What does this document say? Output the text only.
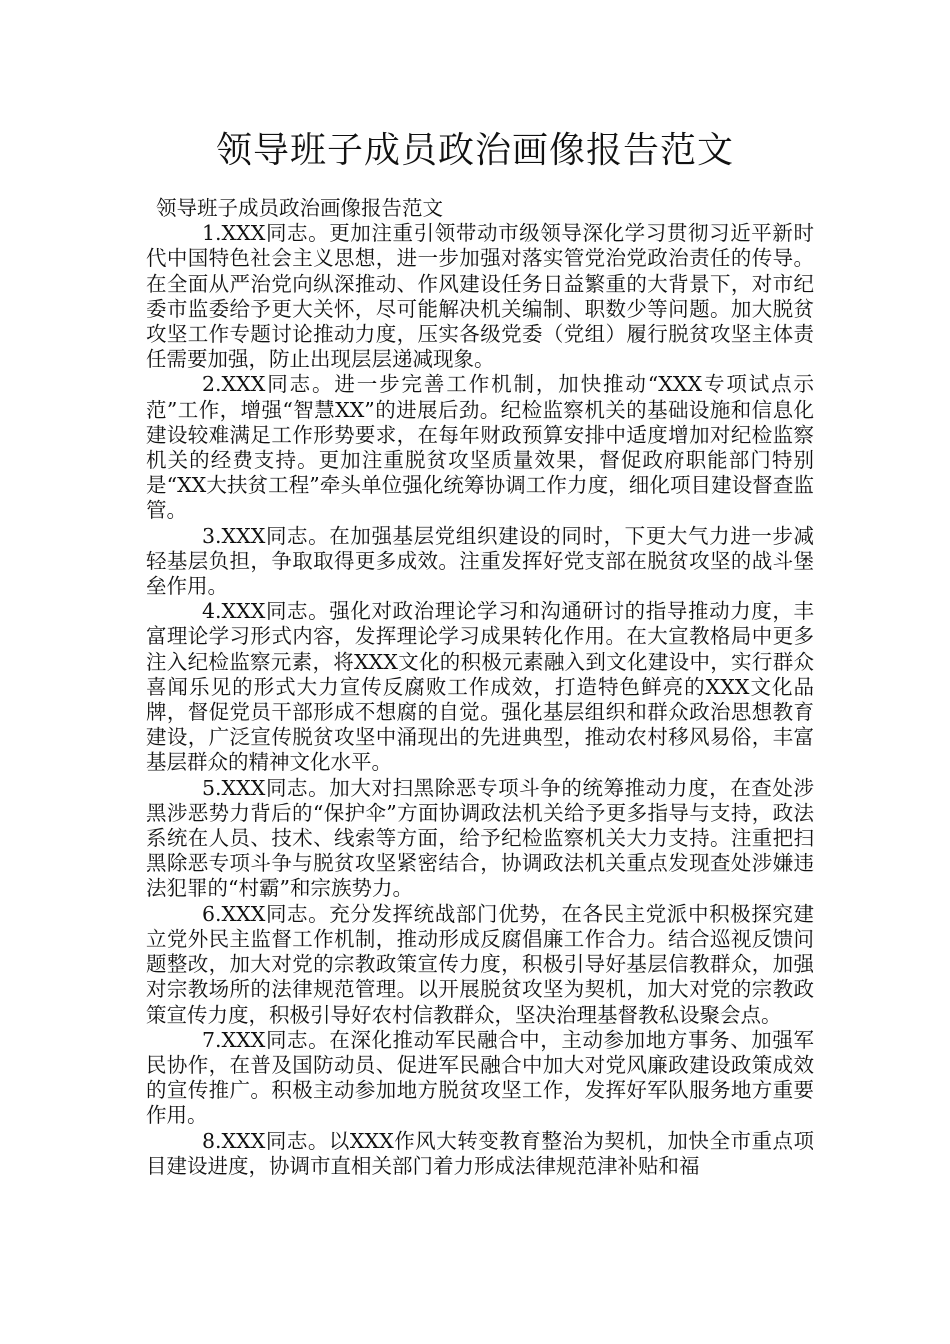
领导班子成员政治画像报告范文

领导班子成员政治画像报告范文

1.XXX同志。更加注重引领带动市级领导深化学习贯彻习近平新时代中国特色社会主义思想，进一步加强对落实管党治党政治责任的传导。在全面从严治党向纵深推动、作风建设任务日益繁重的大背景下，对市纪委市监委给予更大关怀，尽可能解决机关编制、职数少等问题。加大脱贫攻坚工作专题讨论推动力度，压实各级党委（党组）履行脱贫攻坚主体责任需要加强，防止出现层层递减现象。

2.XXX同志。进一步完善工作机制，加快推动“XXX专项试点示范”工作，增强“智慧XX”的进展后劲。纪检监察机关的基础设施和信息化建设较难满足工作形势要求，在每年财政预算安排中适度增加对纪检监察机关的经费支持。更加注重脱贫攻坚质量效果，督促政府职能部门特别是“XX大扶贫工程”牵头单位强化统筹协调工作力度，细化项目建设督查监管。

3.XXX同志。在加强基层党组织建设的同时，下更大气力进一步减轻基层负担，争取取得更多成效。注重发挥好党支部在脱贫攻坚的战斗堡垒作用。

4.XXX同志。强化对政治理论学习和沟通研讨的指导推动力度，丰富理论学习形式内容，发挥理论学习成果转化作用。在大宣教格局中更多注入纪检监察元素，将XXX文化的积极元素融入到文化建设中，实行群众喜闻乐见的形式大力宣传反腐败工作成效，打造特色鲜亮的XXX文化品牌，督促党员干部形成不想腐的自觉。强化基层组织和群众政治思想教育建设，广泛宣传脱贫攻坚中涌现出的先进典型，推动农村移风易俗，丰富基层群众的精神文化水平。

5.XXX同志。加大对扫黑除恶专项斗争的统筹推动力度，在查处涉黑涉恶势力背后的“保护伞”方面协调政法机关给予更多指导与支持，政法系统在人员、技术、线索等方面，给予纪检监察机关大力支持。注重把扫黑除恶专项斗争与脱贫攻坚紧密结合，协调政法机关重点发现查处涉嫌违法犯罪的“村霸”和宗族势力。

6.XXX同志。充分发挥统战部门优势，在各民主党派中积极探究建立党外民主监督工作机制，推动形成反腐倡廉工作合力。结合巡视反馈问题整改，加大对党的宗教政策宣传力度，积极引导好基层信教群众，加强对宗教场所的法律规范管理。以开展脱贫攻坚为契机，加大对党的宗教政策宣传力度，积极引导好农村信教群众，坚决治理基督教私设聚会点。

7.XXX同志。在深化推动军民融合中，主动参加地方事务、加强军民协作，在普及国防动员、促进军民融合中加大对党风廉政建设政策成效的宣传推广。积极主动参加地方脱贫攻坚工作，发挥好军队服务地方重要作用。

8.XXX同志。以XXX作风大转变教育整治为契机，加快全市重点项目建设进度，协调市直相关部门着力形成法律规范津补贴和福
